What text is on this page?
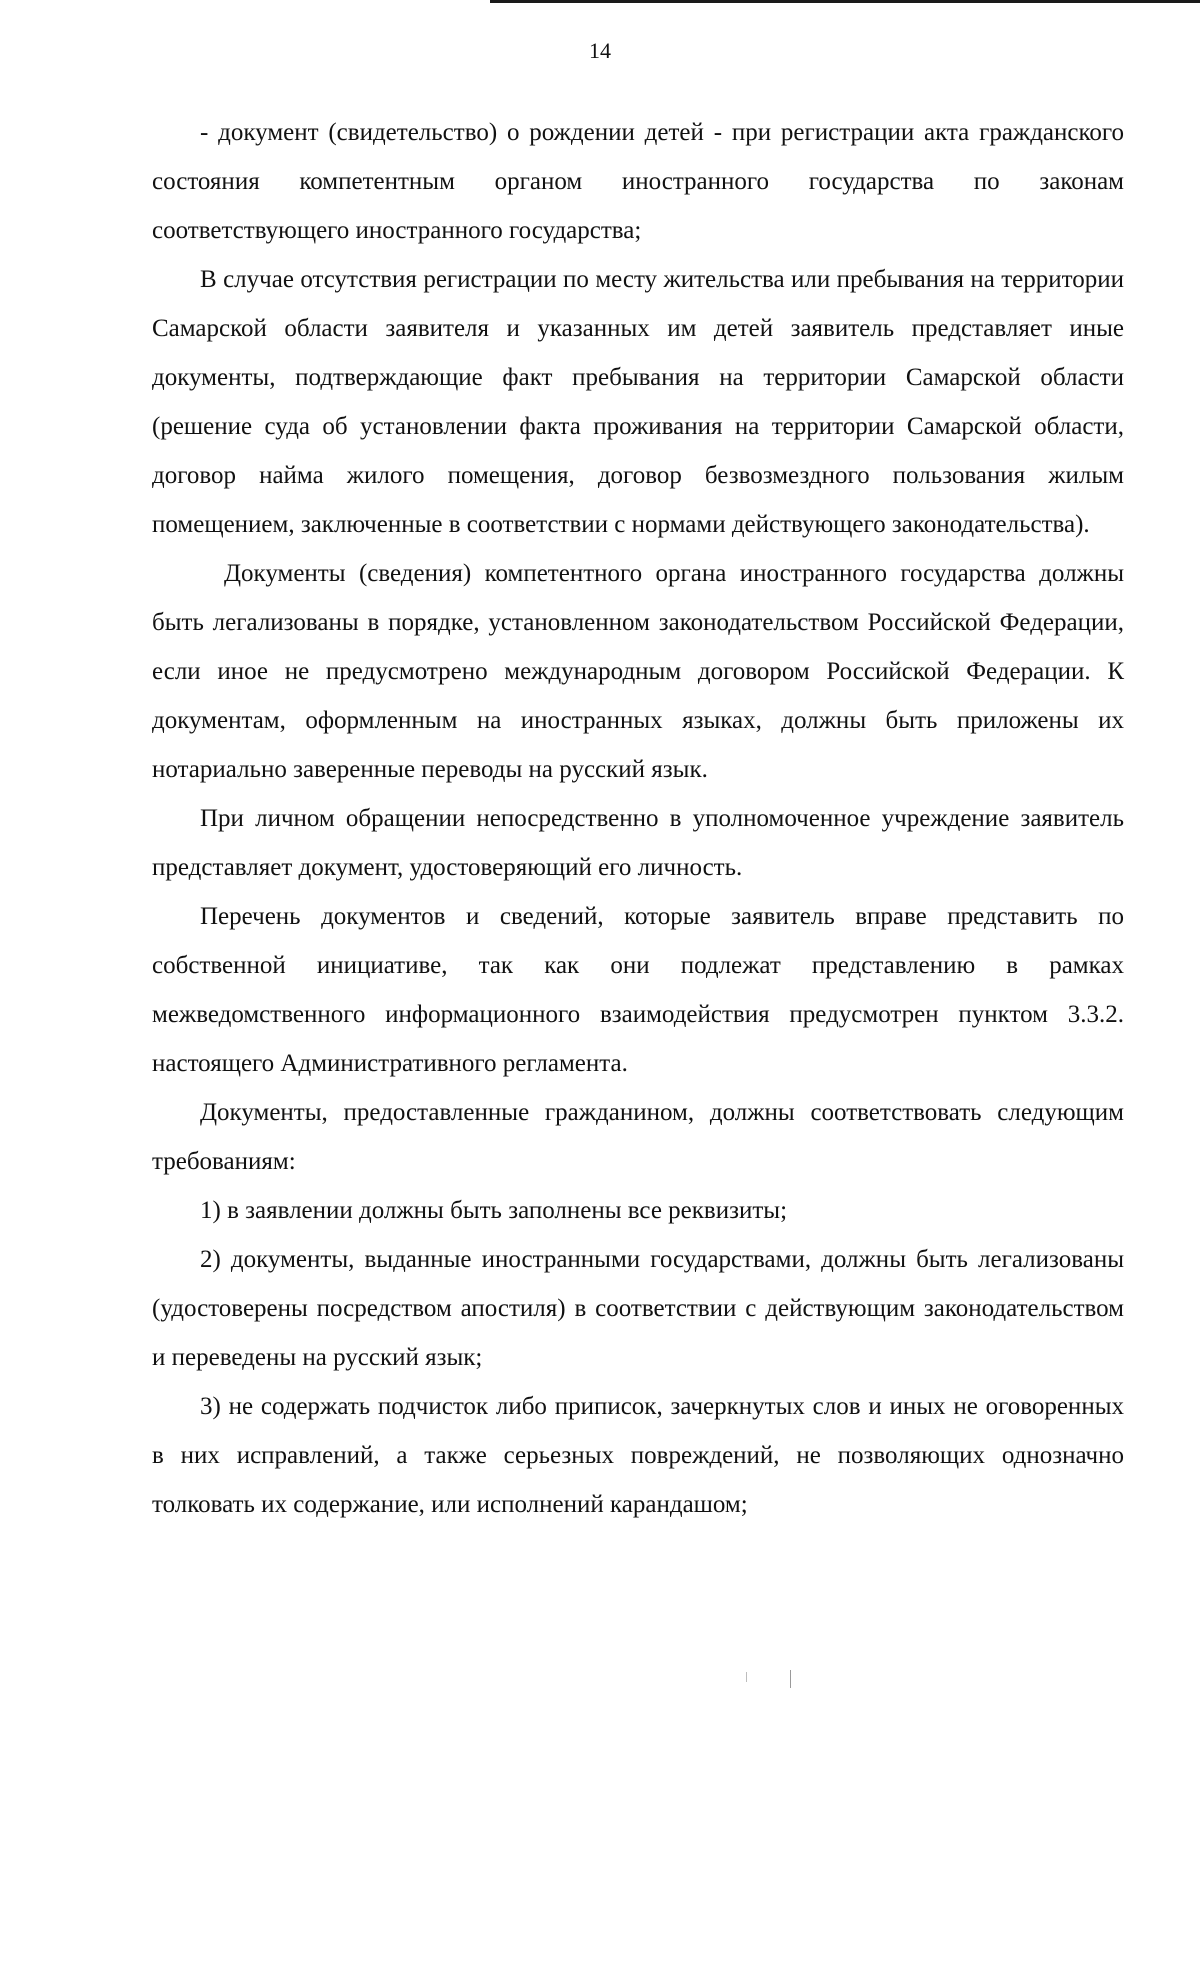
14

- документ (свидетельство) о рождении детей - при регистрации акта гражданского состояния компетентным органом иностранного государства по законам соответствующего иностранного государства;

В случае отсутствия регистрации по месту жительства или пребывания на территории Самарской области заявителя и указанных им детей заявитель представляет иные документы, подтверждающие факт пребывания на территории Самарской области (решение суда об установлении факта проживания на территории Самарской области, договор найма жилого помещения, договор безвозмездного пользования жилым помещением, заключенные в соответствии с нормами действующего законодательства).

Документы (сведения) компетентного органа иностранного государства должны быть легализованы в порядке, установленном законодательством Российской Федерации, если иное не предусмотрено международным договором Российской Федерации. К документам, оформленным на иностранных языках, должны быть приложены их нотариально заверенные переводы на русский язык.

При личном обращении непосредственно в уполномоченное учреждение заявитель представляет документ, удостоверяющий его личность.

Перечень документов и сведений, которые заявитель вправе представить по собственной инициативе, так как они подлежат представлению в рамках межведомственного информационного взаимодействия предусмотрен пунктом 3.3.2. настоящего Административного регламента.

Документы, предоставленные гражданином, должны соответствовать следующим требованиям:

1) в заявлении должны быть заполнены все реквизиты;

2) документы, выданные иностранными государствами, должны быть легализованы (удостоверены посредством апостиля) в соответствии с действующим законодательством и переведены на русский язык;

3) не содержать подчисток либо приписок, зачеркнутых слов и иных не оговоренных в них исправлений, а также серьезных повреждений, не позволяющих однозначно толковать их содержание, или исполнений карандашом;
